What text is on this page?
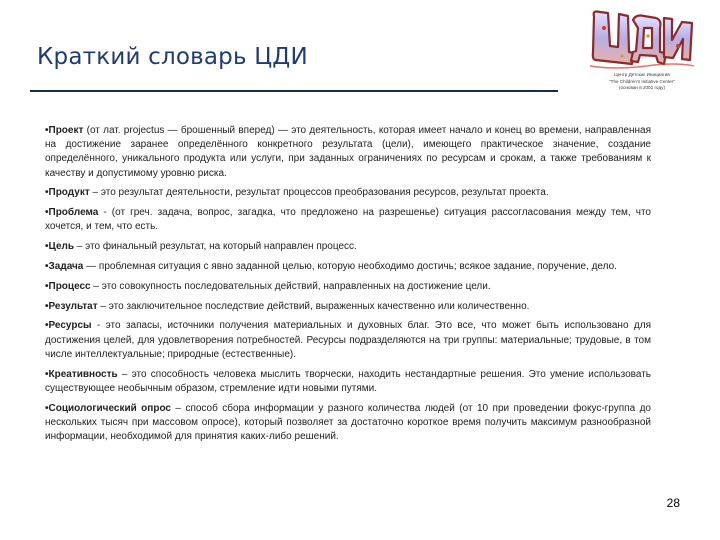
Краткий словарь ЦДИ
Центр Детских Инициатив
"The Children's Initiative Center"
(основан в 2002 году)

•Проект (от лат. projectus — брошенный вперед) — это деятельность, которая имеет начало и конец во времени, направленная на достижение заранее определённого конкретного результата (цели), имеющего практическое значение, создание определённого, уникального продукта или услуги, при заданных ограничениях по ресурсам и срокам, а также требованиям к качеству и допустимому уровню риска.

•Продукт – это результат деятельности, результат процессов преобразования ресурсов, результат проекта.

•Проблема - (от греч. задача, вопрос, загадка, что предложено на разрешенье) ситуация рассогласования между тем, что хочется, и тем, что есть.

•Цель – это финальный результат, на который направлен процесс.

•Задача — проблемная ситуация с явно заданной целью, которую необходимо достичь; всякое задание, поручение, дело.

•Процесс – это совокупность последовательных действий, направленных на достижение цели.

•Результат – это заключительное последствие действий, выраженных качественно или количественно.

•Ресурсы - это запасы, источники получения материальных и духовных благ. Это все, что может быть использовано для достижения целей, для удовлетворения потребностей. Ресурсы подразделяются на три группы: материальные; трудовые, в том числе интеллектуальные; природные (естественные).

•Креативность – это способность человека мыслить творчески, находить нестандартные решения. Это умение использовать существующее необычным образом, стремление идти новыми путями.

•Социологический опрос – способ сбора информации у разного количества людей (от 10 при проведении фокус-группа до нескольких тысяч при массовом опросе), который позволяет за достаточно короткое время получить максимум разнообразной информации, необходимой для принятия каких-либо решений.

28
